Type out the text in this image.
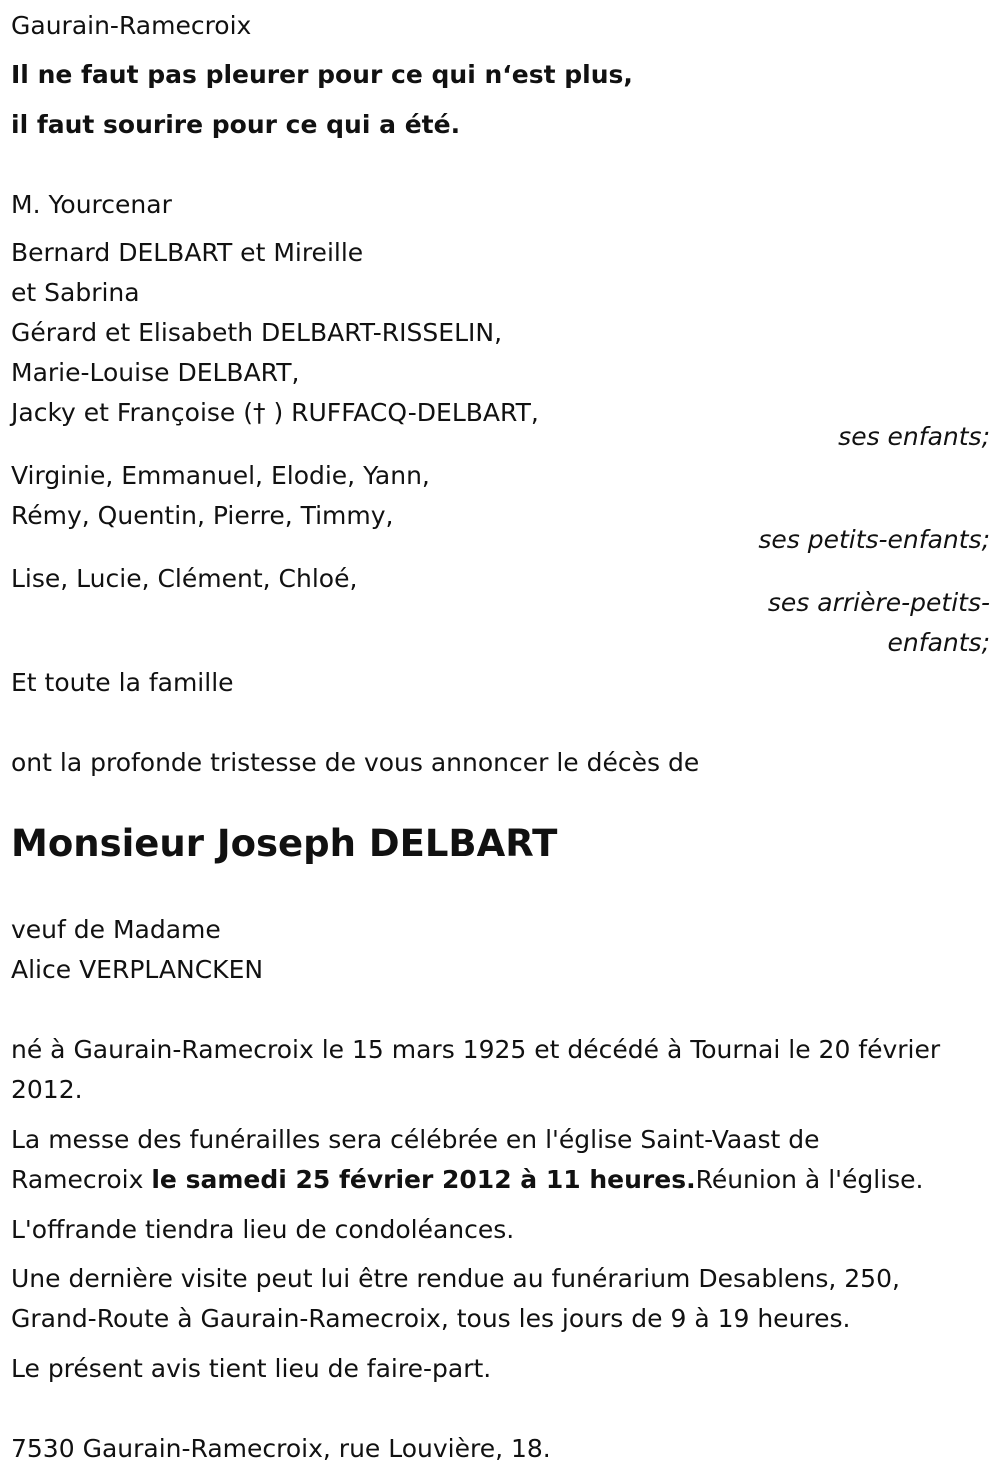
Gaurain-Ramecroix
Il ne faut pas pleurer pour ce qui n‘est plus,
il faut sourire pour ce qui a été.
M. Yourcenar
Bernard DELBART et Mireille
et Sabrina
Gérard et Elisabeth DELBART-RISSELIN,
Marie-Louise DELBART,
Jacky et Françoise († ) RUFFACQ-DELBART,
ses enfants;
Virginie, Emmanuel, Elodie, Yann,
Rémy, Quentin, Pierre, Timmy,
ses petits-enfants;
Lise, Lucie, Clément, Chloé,
ses arrière-petits-
enfants;
Et toute la famille
ont la profonde tristesse de vous annoncer le décès de
Monsieur Joseph DELBART
veuf de Madame
Alice VERPLANCKEN
né à Gaurain-Ramecroix le 15 mars 1925 et décédé à Tournai le 20 février
2012.
La messe des funérailles sera célébrée en l'église Saint-Vaast de
Ramecroix le samedi 25 février 2012 à 11 heures.Réunion à l'église.
L'offrande tiendra lieu de condoléances.
Une dernière visite peut lui être rendue au funérarium Desablens, 250,
Grand-Route à Gaurain-Ramecroix, tous les jours de 9 à 19 heures.
Le présent avis tient lieu de faire-part.
7530 Gaurain-Ramecroix, rue Louvière, 18.
